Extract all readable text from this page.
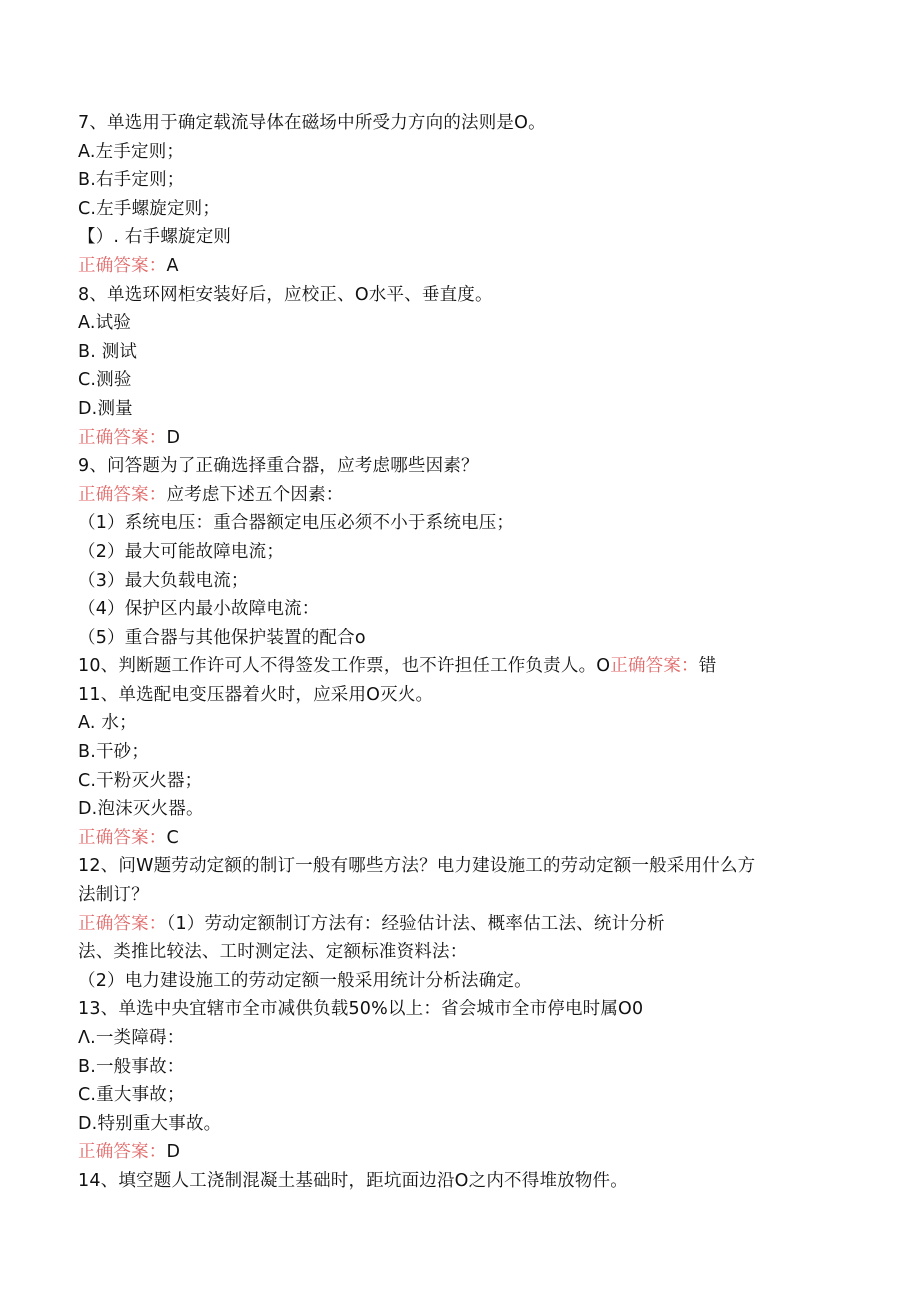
7、单选用于确定载流导体在磁场中所受力方向的法则是O。
A.左手定则；
B.右手定则；
C.左手螺旋定则；
【）. 右手螺旋定则
正确答案：A
8、单选环网柜安装好后，应校正、O水平、垂直度。
A.试验
B. 测试
C.测验
D.测量
正确答案：D
9、问答题为了正确选择重合器，应考虑哪些因素？
正确答案：应考虑下述五个因素：
（1）系统电压：重合器额定电压必须不小于系统电压；
（2）最大可能故障电流；
（3）最大负载电流；
（4）保护区内最小故障电流：
（5）重合器与其他保护装置的配合o
10、判断题工作许可人不得签发工作票，也不许担任工作负责人。O正确答案：错
11、单选配电变压器着火时，应采用O灭火。
A. 水；
B.干砂；
C.干粉灭火器；
D.泡沫灭火器。
正确答案：C
12、问W题劳动定额的制订一般有哪些方法？电力建设施工的劳动定额一般采用什么方
法制订？
正确答案：（1）劳动定额制订方法有：经验估计法、概率估工法、统计分析
法、类推比较法、工时测定法、定额标准资料法：
（2）电力建设施工的劳动定额一般采用统计分析法确定。
13、单选中央宜辖市全市减供负载50%以上：省会城市全市停电时属O0
Λ.一类障碍：
B.一般事故：
C.重大事故；
D.特别重大事故。
正确答案：D
14、填空题人工浇制混凝土基础时，距坑面边沿O之内不得堆放物件。
